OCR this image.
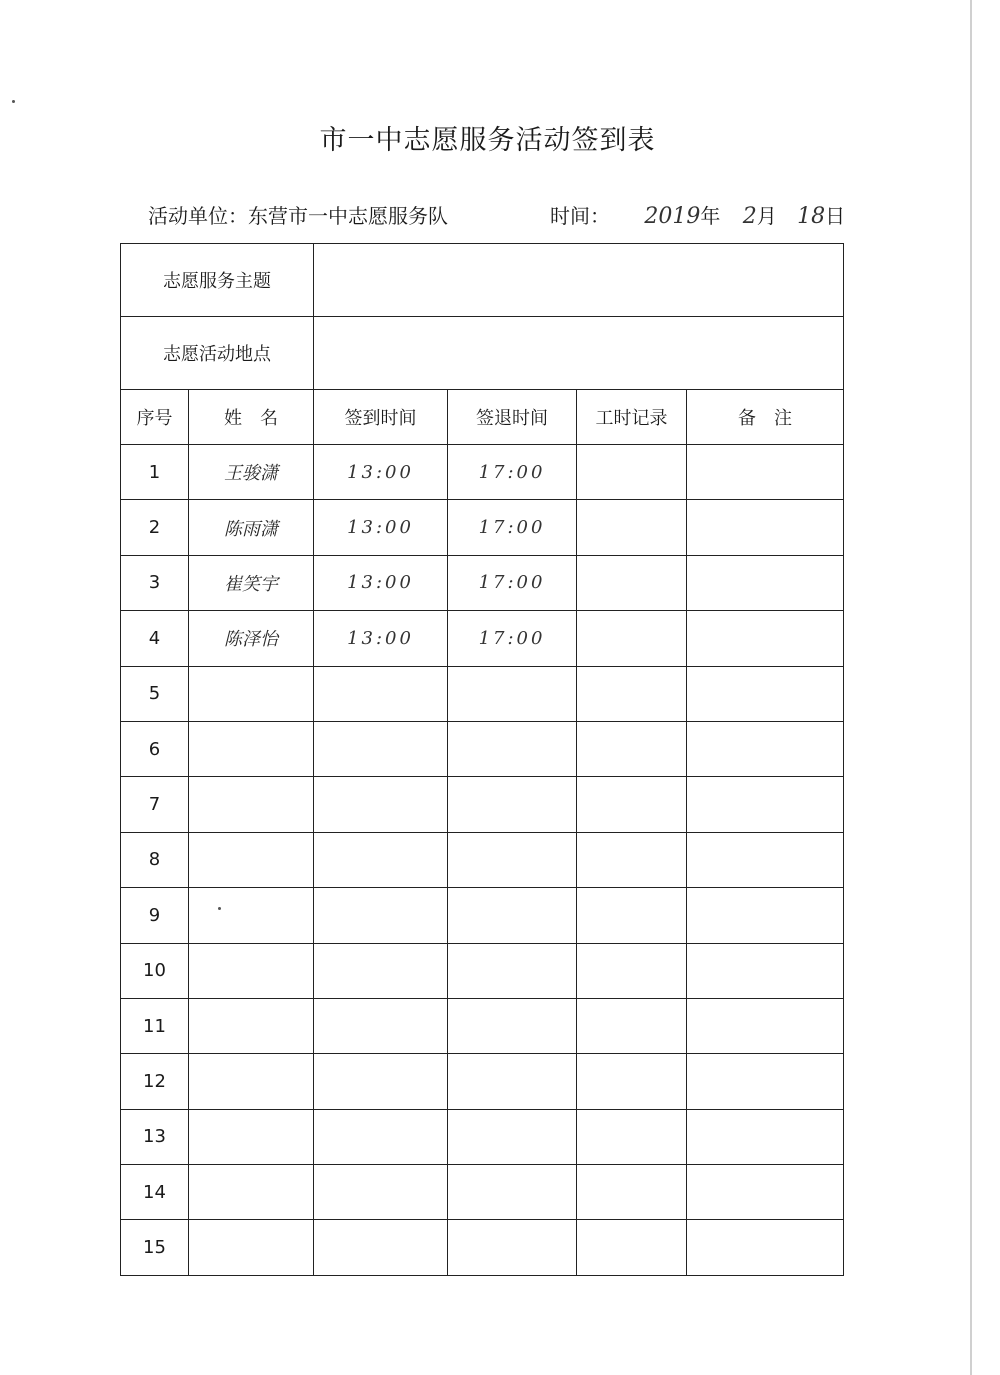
市一中志愿服务活动签到表
活动单位：东营市一中志愿服务队	时间： 2019年 2月 18日
志愿服务主题					
志愿活动地点					
序号	姓　名	签到时间	签退时间	工时记录	备　注
1	王骏潇	13:00	17:00		
2	陈雨潇	13:00	17:00		
3	崔笑宇	13:00	17:00		
4	陈泽怡	13:00	17:00		
5					
6					
7					
8					
9					
10					
11					
12					
13					
14					
15					
